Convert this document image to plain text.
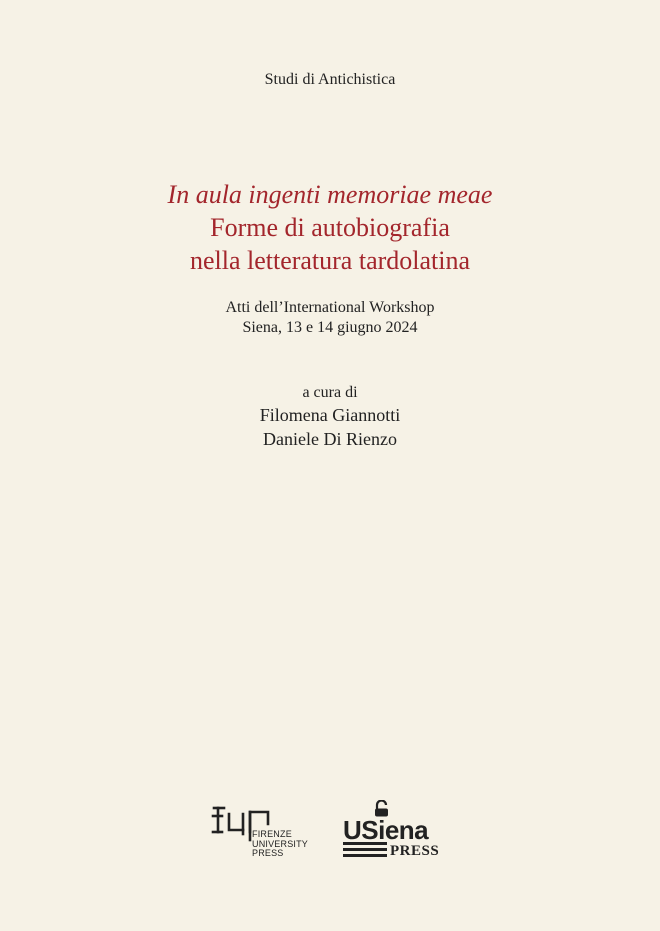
Studi di Antichistica
In aula ingenti memoriae meae
Forme di autobiografia
nella letteratura tardolatina
Atti dell’International Workshop
Siena, 13 e 14 giugno 2024
a cura di
Filomena Giannotti
Daniele Di Rienzo
FIRENZE
UNIVERSITY
PRESS
USiena
PRESS
